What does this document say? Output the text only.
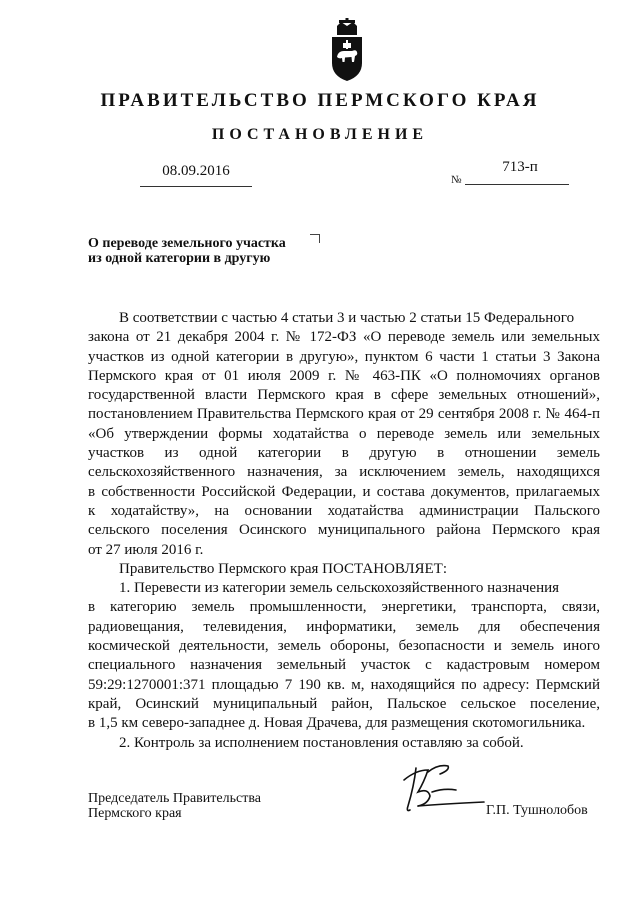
ПРАВИТЕЛЬСТВО ПЕРМСКОГО КРАЯ
ПОСТАНОВЛЕНИЕ
08.09.2016
№
713-п
О переводе земельного участка
из одной категории в другую
В соответствии с частью 4 статьи 3 и частью 2 статьи 15 Федерального
закона от 21 декабря 2004 г. № 172-ФЗ «О переводе земель или земельных
участков из одной категории в другую», пунктом 6 части 1 статьи 3 Закона
Пермского края от 01 июля 2009 г. № 463-ПК «О полномочиях органов
государственной власти Пермского края в сфере земельных отношений»,
постановлением Правительства Пермского края от 29 сентября 2008 г. № 464-п
«Об утверждении формы ходатайства о переводе земель или земельных
участков из одной категории в другую в отношении земель
сельскохозяйственного назначения, за исключением земель, находящихся
в собственности Российской Федерации, и состава документов, прилагаемых
к ходатайству», на основании ходатайства администрации Пальского
сельского поселения Осинского муниципального района Пермского края
от 27 июля 2016 г.
Правительство Пермского края ПОСТАНОВЛЯЕТ:
1. Перевести из категории земель сельскохозяйственного назначения
в категорию земель промышленности, энергетики, транспорта, связи,
радиовещания, телевидения, информатики, земель для обеспечения
космической деятельности, земель обороны, безопасности и земель иного
специального назначения земельный участок с кадастровым номером
59:29:1270001:371 площадью 7 190 кв. м, находящийся по адресу: Пермский
край, Осинский муниципальный район, Пальское сельское поселение,
в 1,5 км северо-западнее д. Новая Драчева, для размещения скотомогильника.
2. Контроль за исполнением постановления оставляю за собой.
Председатель Правительства
Пермского края	Г.П. Тушнолобов
